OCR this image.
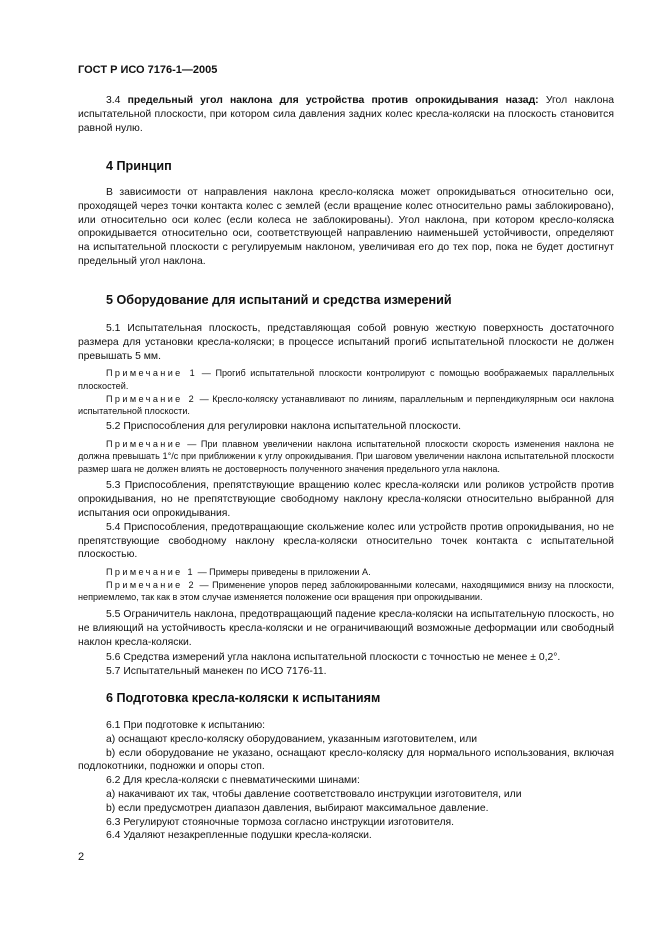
ГОСТ Р ИСО 7176-1—2005

3.4 предельный угол наклона для устройства против опрокидывания назад: Угол наклона испытательной плоскости, при котором сила давления задних колес кресла-коляски на плоскость становится равной нулю.

4 Принцип

В зависимости от направления наклона кресло-коляска может опрокидываться относительно оси, проходящей через точки контакта колес с землей (если вращение колес относительно рамы заблокировано), или относительно оси колес (если колеса не заблокированы). Угол наклона, при котором кресло-коляска опрокидывается относительно оси, соответствующей направлению наименьшей устойчивости, определяют на испытательной плоскости с регулируемым наклоном, увеличивая его до тех пор, пока не будет достигнут предельный угол наклона.

5 Оборудование для испытаний и средства измерений

5.1 Испытательная плоскость, представляющая собой ровную жесткую поверхность достаточного размера для установки кресла-коляски; в процессе испытаний прогиб испытательной плоскости не должен превышать 5 мм.

Примечание 1 — Прогиб испытательной плоскости контролируют с помощью воображаемых параллельных плоскостей.

Примечание 2 — Кресло-коляску устанавливают по линиям, параллельным и перпендикулярным оси наклона испытательной плоскости.

5.2 Приспособления для регулировки наклона испытательной плоскости.

Примечание — При плавном увеличении наклона испытательной плоскости скорость изменения наклона не должна превышать 1°/с при приближении к углу опрокидывания. При шаговом увеличении наклона испытательной плоскости размер шага не должен влиять не достоверность полученного значения предельного угла наклона.

5.3 Приспособления, препятствующие вращению колес кресла-коляски или роликов устройств против опрокидывания, но не препятствующие свободному наклону кресла-коляски относительно выбранной для испытания оси опрокидывания.

5.4 Приспособления, предотвращающие скольжение колес или устройств против опрокидывания, но не препятствующие свободному наклону кресла-коляски относительно точек контакта с испытательной плоскостью.

Примечание 1 — Примеры приведены в приложении А.

Примечание 2 — Применение упоров перед заблокированными колесами, находящимися внизу на плоскости, неприемлемо, так как в этом случае изменяется положение оси вращения при опрокидывании.

5.5 Ограничитель наклона, предотвращающий падение кресла-коляски на испытательную плоскость, но не влияющий на устойчивость кресла-коляски и не ограничивающий возможные деформации или свободный наклон кресла-коляски.

5.6 Средства измерений угла наклона испытательной плоскости с точностью не менее ± 0,2°.

5.7 Испытательный манекен по ИСО 7176-11.

6 Подготовка кресла-коляски к испытаниям

6.1 При подготовке к испытанию:

a) оснащают кресло-коляску оборудованием, указанным изготовителем, или

b) если оборудование не указано, оснащают кресло-коляску для нормального использования, включая подлокотники, подножки и опоры стоп.

6.2 Для кресла-коляски с пневматическими шинами:

a) накачивают их так, чтобы давление соответствовало инструкции изготовителя, или

b) если предусмотрен диапазон давления, выбирают максимальное давление.

6.3 Регулируют стояночные тормоза согласно инструкции изготовителя.

6.4 Удаляют незакрепленные подушки кресла-коляски.

2
